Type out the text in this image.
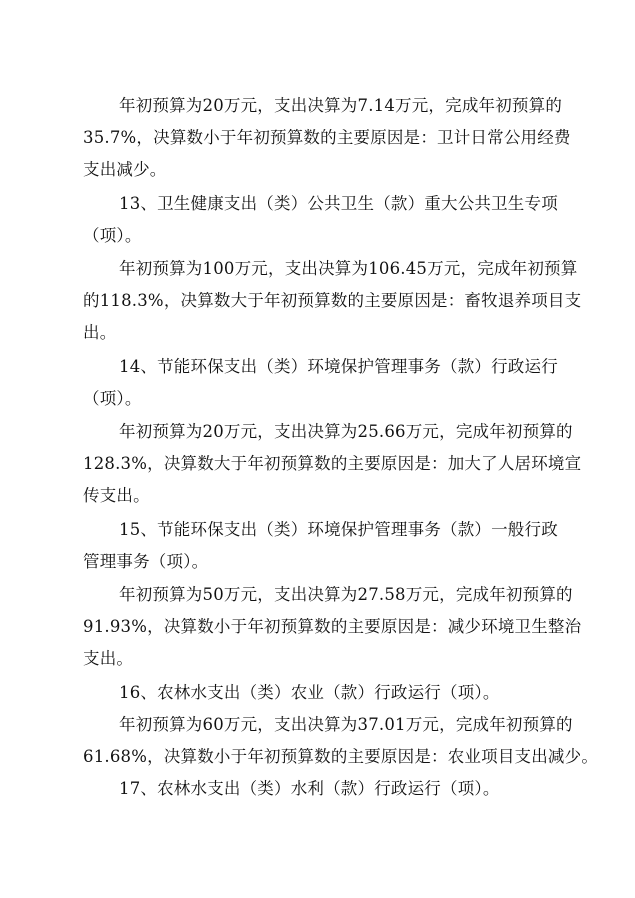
年初预算为20万元，支出决算为7.14万元，完成年初预算的
35.7%，决算数小于年初预算数的主要原因是：卫计日常公用经费
支出减少。

13、卫生健康支出（类）公共卫生（款）重大公共卫生专项
（项）。

年初预算为100万元，支出决算为106.45万元，完成年初预算
的118.3%，决算数大于年初预算数的主要原因是：畜牧退养项目支
出。

14、节能环保支出（类）环境保护管理事务（款）行政运行
（项）。

年初预算为20万元，支出决算为25.66万元，完成年初预算的
128.3%，决算数大于年初预算数的主要原因是：加大了人居环境宣
传支出。

15、节能环保支出（类）环境保护管理事务（款）一般行政
管理事务（项）。

年初预算为50万元，支出决算为27.58万元，完成年初预算的
91.93%，决算数小于年初预算数的主要原因是：减少环境卫生整治
支出。

16、农林水支出（类）农业（款）行政运行（项）。

年初预算为60万元，支出决算为37.01万元，完成年初预算的
61.68%，决算数小于年初预算数的主要原因是：农业项目支出减少。

17、农林水支出（类）水利（款）行政运行（项）。
